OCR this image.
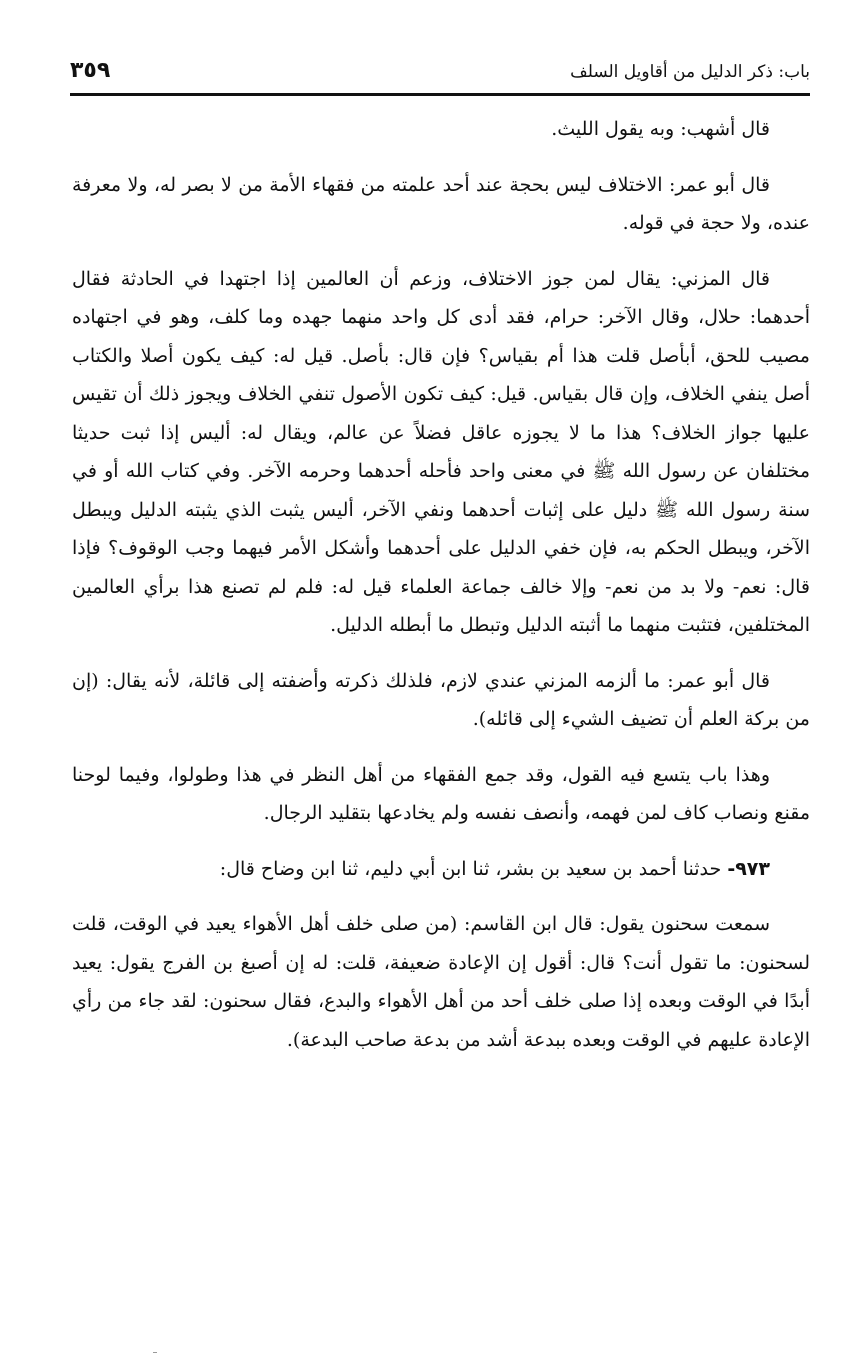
باب: ذكر الدليل من أقاويل السلف
٣٥٩

قال أشهب: وبه يقول الليث.

قال أبو عمر: الاختلاف ليس بحجة عند أحد علمته من فقهاء الأمة من لا بصر له، ولا معرفة عنده، ولا حجة في قوله.

قال المزني: يقال لمن جوز الاختلاف، وزعم أن العالمين إذا اجتهدا في الحادثة فقال أحدهما: حلال، وقال الآخر: حرام، فقد أدى كل واحد منهما جهده وما كلف، وهو في اجتهاده مصيب للحق، أبأصل قلت هذا أم بقياس؟ فإن قال: بأصل. قيل له: كيف يكون أصلا والكتاب أصل ينفي الخلاف، وإن قال بقياس. قيل: كيف تكون الأصول تنفي الخلاف ويجوز ذلك أن تقيس عليها جواز الخلاف؟ هذا ما لا يجوزه عاقل فضلاً عن عالم، ويقال له: أليس إذا ثبت حديثا مختلفان عن رسول الله ﷺ في معنى واحد فأحله أحدهما وحرمه الآخر. وفي كتاب الله أو في سنة رسول الله ﷺ دليل على إثبات أحدهما ونفي الآخر، أليس يثبت الذي يثبته الدليل ويبطل الآخر، ويبطل الحكم به، فإن خفي الدليل على أحدهما وأشكل الأمر فيهما وجب الوقوف؟ فإذا قال: نعم- ولا بد من نعم- وإلا خالف جماعة العلماء قيل له: فلم لم تصنع هذا برأي العالمين المختلفين، فتثبت منهما ما أثبته الدليل وتبطل ما أبطله الدليل.

قال أبو عمر: ما ألزمه المزني عندي لازم، فلذلك ذكرته وأضفته إلى قائلة، لأنه يقال: (إن من بركة العلم أن تضيف الشيء إلى قائله).

وهذا باب يتسع فيه القول، وقد جمع الفقهاء من أهل النظر في هذا وطولوا، وفيما لوحنا مقنع ونصاب كاف لمن فهمه، وأنصف نفسه ولم يخادعها بتقليد الرجال.

٩٧٣- حدثنا أحمد بن سعيد بن بشر، ثنا ابن أبي دليم، ثنا ابن وضاح قال:

سمعت سحنون يقول: قال ابن القاسم: (من صلى خلف أهل الأهواء يعيد في الوقت، قلت لسحنون: ما تقول أنت؟ قال: أقول إن الإعادة ضعيفة، قلت: له إن أصبغ بن الفرج يقول: يعيد أبدًا في الوقت وبعده إذا صلى خلف أحد من أهل الأهواء والبدع، فقال سحنون: لقد جاء من رأي الإعادة عليهم في الوقت وبعده ببدعة أشد من بدعة صاحب البدعة).
